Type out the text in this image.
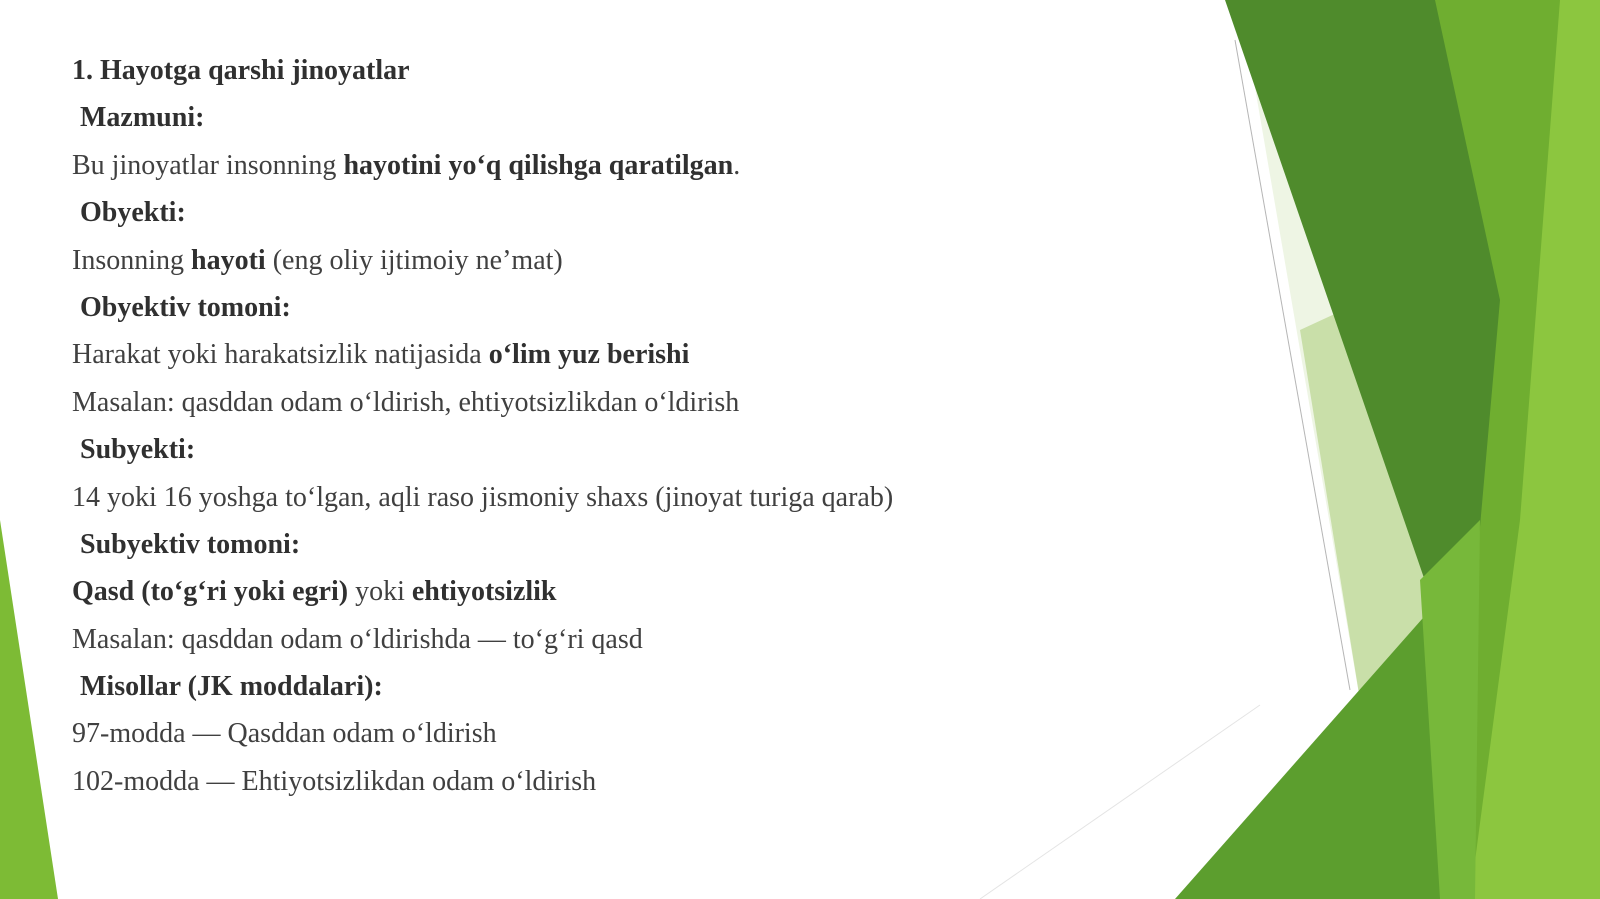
1. Hayotga qarshi jinoyatlar
Mazmuni:
Bu jinoyatlar insonning hayotini yo‘q qilishga qaratilgan.
Obyekti:
Insonning hayoti (eng oliy ijtimoiy ne’mat)
Obyektiv tomoni:
Harakat yoki harakatsizlik natijasida o‘lim yuz berishi
Masalan: qasddan odam o‘ldirish, ehtiyotsizlikdan o‘ldirish
Subyekti:
14 yoki 16 yoshga to‘lgan, aqli raso jismoniy shaxs (jinoyat turiga qarab)
Subyektiv tomoni:
Qasd (to‘g‘ri yoki egri) yoki ehtiyotsizlik
Masalan: qasddan odam o‘ldirishda — to‘g‘ri qasd
Misollar (JK moddalari):
97-modda — Qasddan odam o‘ldirish
102-modda — Ehtiyotsizlikdan odam o‘ldirish
